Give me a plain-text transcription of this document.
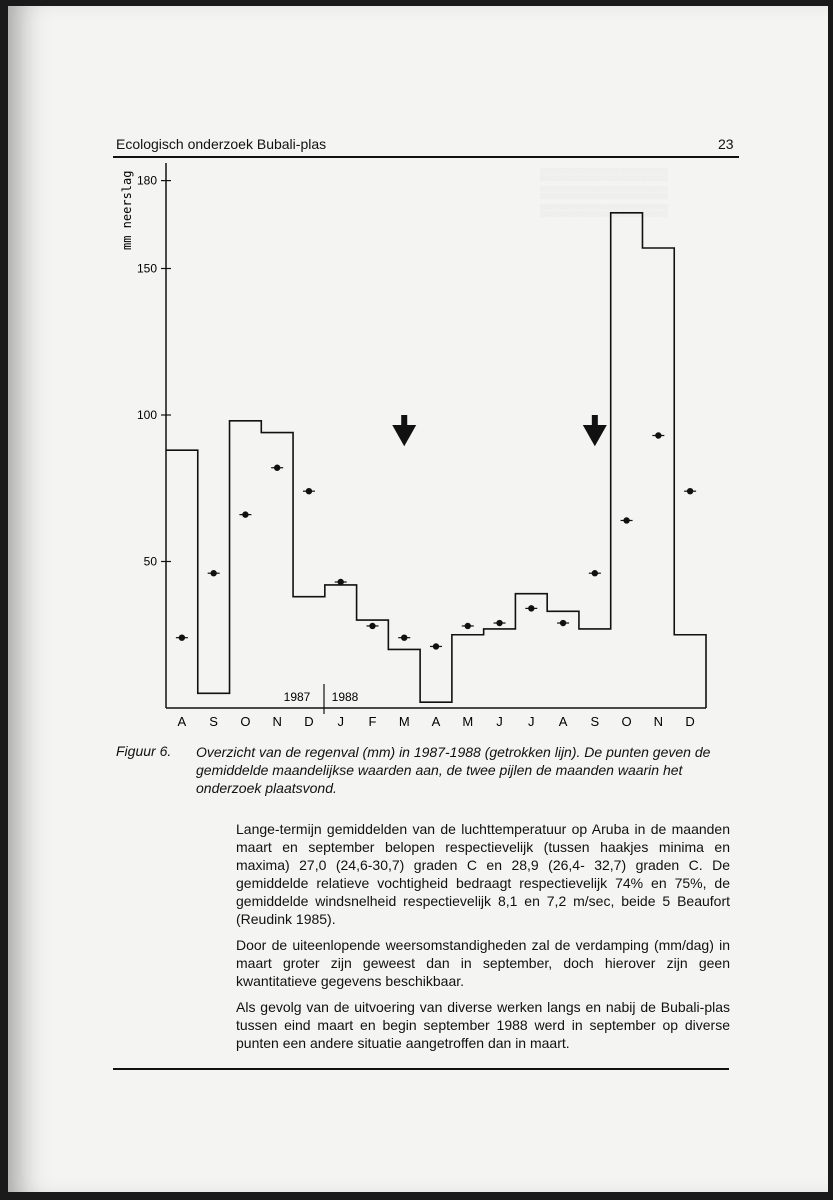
▒▒▒▒▒▒▒▒▒▒▒▒▒▒▒
▒▒▒▒▒▒▒▒▒▒▒▒▒▒▒
▒▒▒▒▒▒▒▒▒▒▒▒▒▒▒
Ecologisch onderzoek Bubali-plas	23
50
100
150
180
mm neerslag
A S O N D J F M A M J J A S O N D
1987 1988
Figuur 6. Overzicht van de regenval (mm) in 1987-1988 (getrokken lijn). De punten geven de gemiddelde maandelijkse waarden aan, de twee pijlen de maanden waarin het onderzoek plaatsvond.

Lange-termijn gemiddelden van de luchttemperatuur op Aruba in de maanden maart en september belopen respectievelijk (tussen haakjes minima en maxima) 27,0 (24,6-30,7) graden C en 28,9 (26,4- 32,7) graden C. De gemiddelde relatieve vochtigheid bedraagt respectievelijk 74% en 75%, de gemiddelde windsnelheid respectievelijk 8,1 en 7,2 m/sec, beide 5 Beaufort (Reudink 1985).

Door de uiteenlopende weersomstandigheden zal de verdamping (mm/dag) in maart groter zijn geweest dan in september, doch hierover zijn geen kwantitatieve gegevens beschikbaar.

Als gevolg van de uitvoering van diverse werken langs en nabij de Bubali-plas tussen eind maart en begin september 1988 werd in september op diverse punten een andere situatie aangetroffen dan in maart.
